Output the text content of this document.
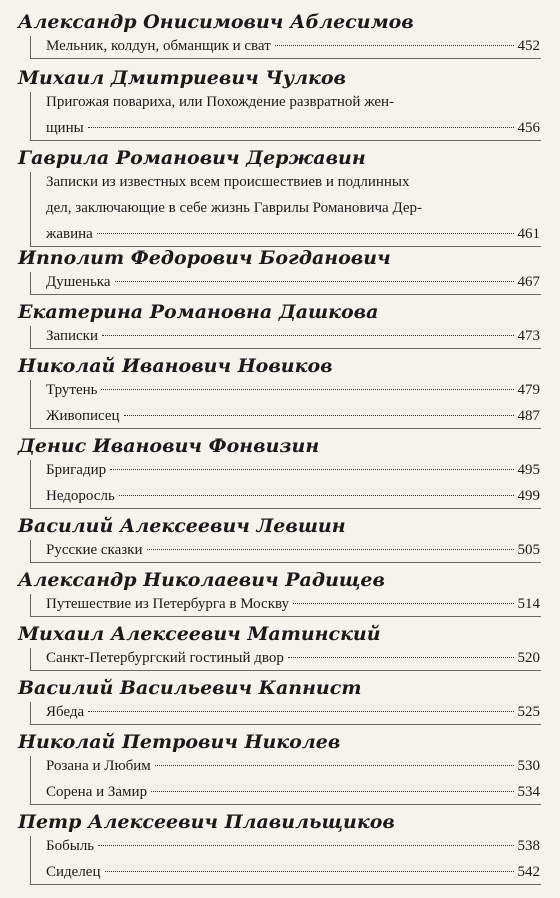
Александр Онисимович Аблесимов
Мельник, колдун, обманщик и сват	452
Михаил Дмитриевич Чулков
Пригожая повариха, или Похождение развратной жен-
щины	456
Гаврила Романович Державин
Записки из известных всем происшествиев и подлинных
дел, заключающие в себе жизнь Гаврилы Романовича Дер-
жавина	461
Ипполит Федорович Богданович
Душенька	467
Екатерина Романовна Дашкова
Записки	473
Николай Иванович Новиков
Трутень	479
Живописец	487
Денис Иванович Фонвизин
Бригадир	495
Недоросль	499
Василий Алексеевич Левшин
Русские сказки	505
Александр Николаевич Радищев
Путешествие из Петербурга в Москву	514
Михаил Алексеевич Матинский
Санкт-Петербургский гостиный двор	520
Василий Васильевич Капнист
Ябеда	525
Николай Петрович Николев
Розана и Любим	530
Сорена и Замир	534
Петр Алексеевич Плавильщиков
Бобыль	538
Сиделец	542
